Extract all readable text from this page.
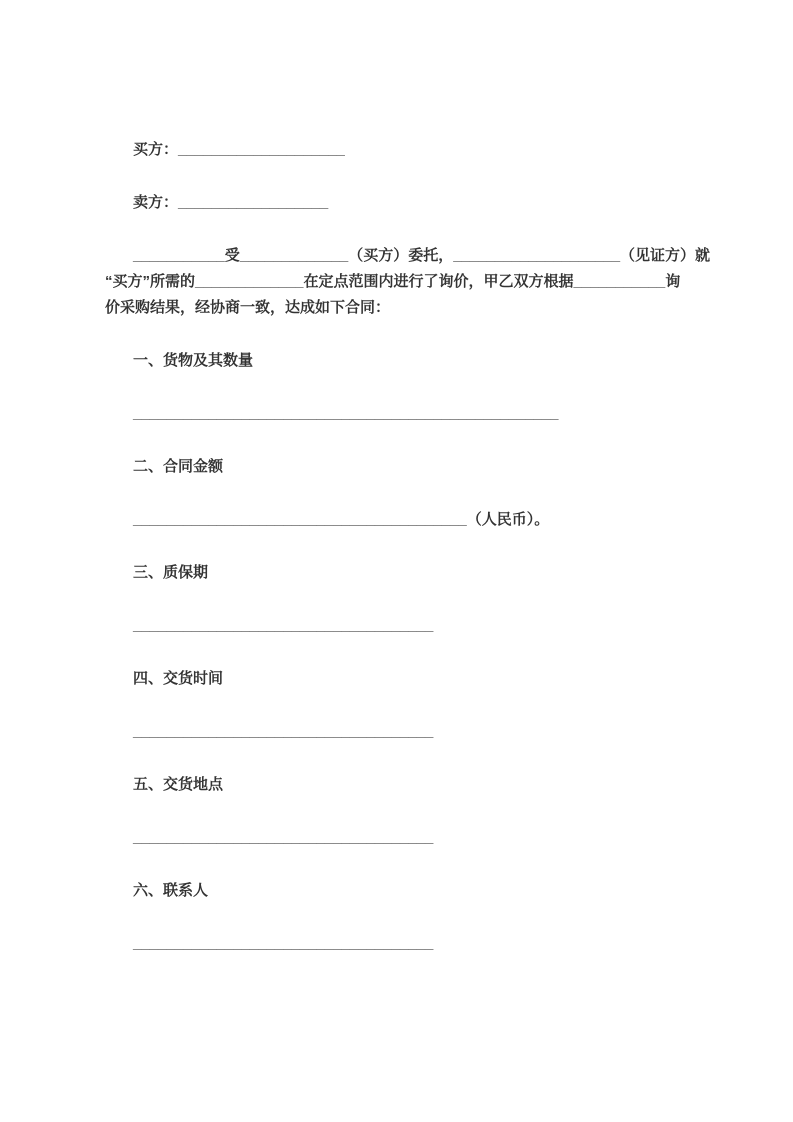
买方：____________________
卖方：__________________
___________受_____________（买方）委托，____________________（见证方）就
“买方”所需的_____________在定点范围内进行了询价，甲乙双方根据___________询
价采购结果，经协商一致，达成如下合同：
一、货物及其数量
___________________________________________________
二、合同金额
________________________________________（人民币）。
三、质保期
____________________________________
四、交货时间
____________________________________
五、交货地点
____________________________________
六、联系人
____________________________________
